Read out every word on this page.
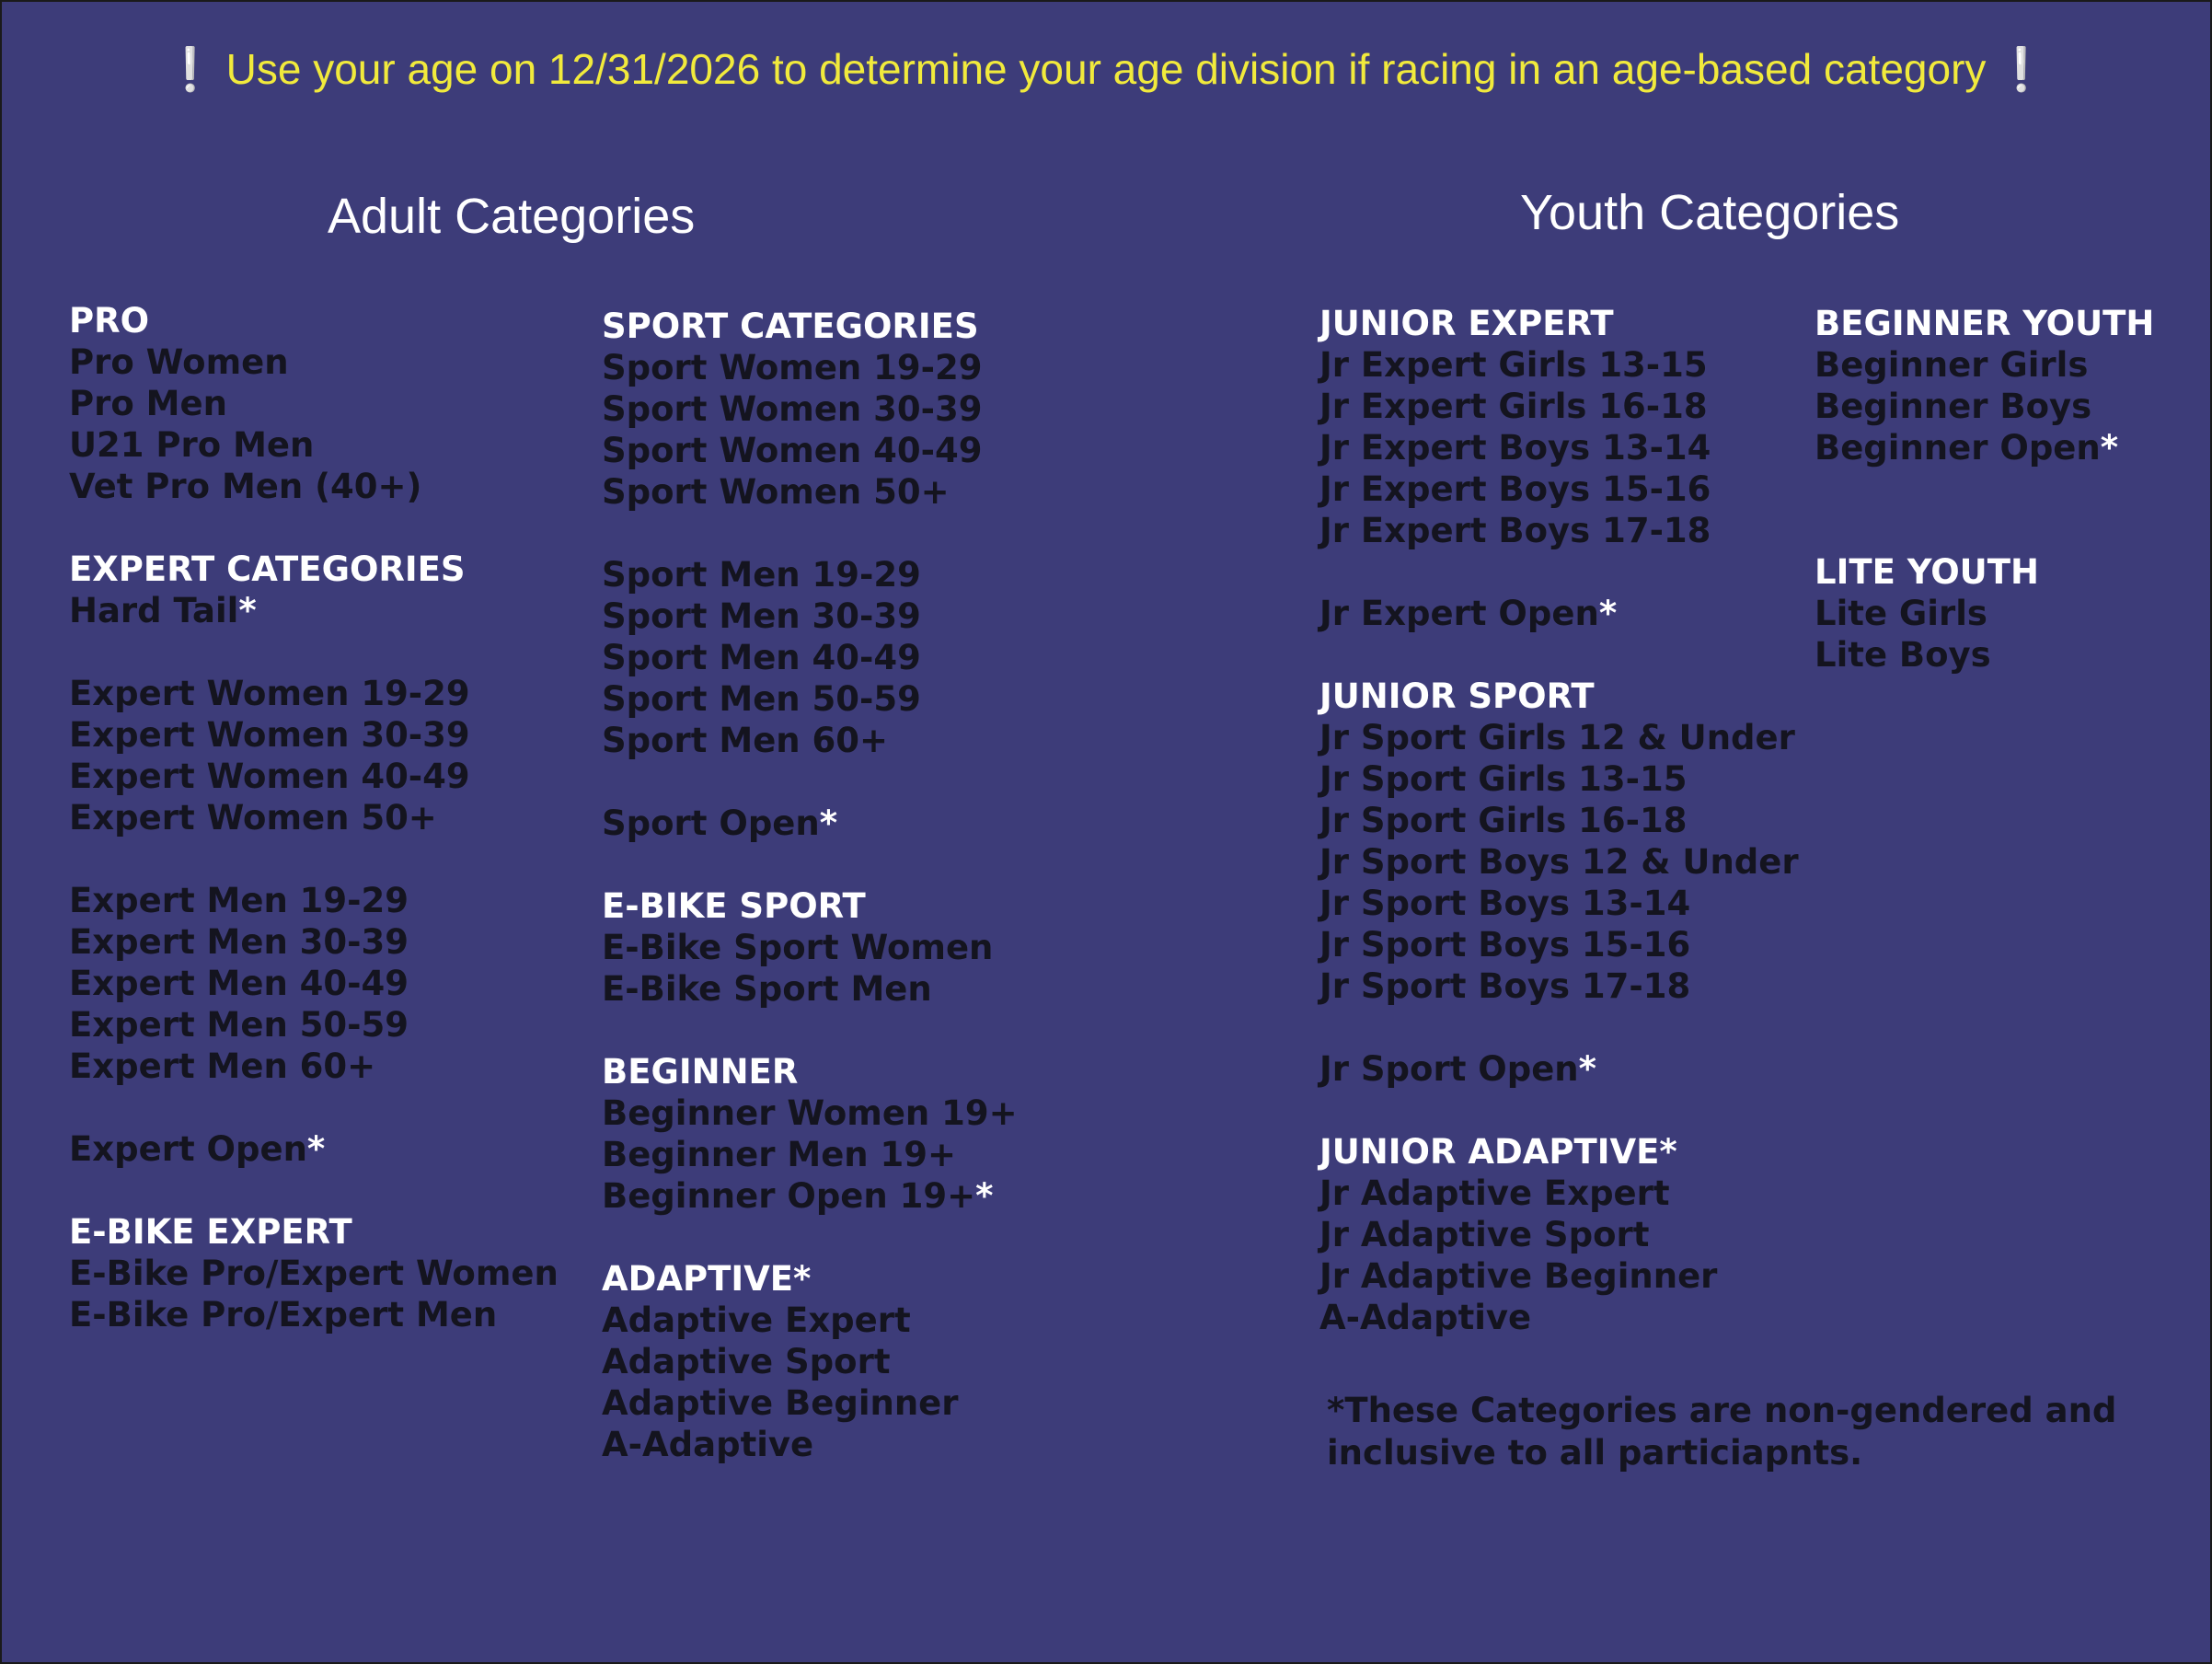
❕ Use your age on 12/31/2026 to determine your age division if racing in an age-based category ❕
Adult Categories	Youth Categories
PRO
Pro Women
Pro Men
U21 Pro Men
Vet Pro Men (40+)
EXPERT CATEGORIES
Hard Tail*
Expert Women 19-29
Expert Women 30-39
Expert Women 40-49
Expert Women 50+
Expert Men 19-29
Expert Men 30-39
Expert Men 40-49
Expert Men 50-59
Expert Men 60+
Expert Open*
E-BIKE EXPERT
E-Bike Pro/Expert Women
E-Bike Pro/Expert Men
SPORT CATEGORIES
Sport Women 19-29
Sport Women 30-39
Sport Women 40-49
Sport Women 50+
Sport Men 19-29
Sport Men 30-39
Sport Men 40-49
Sport Men 50-59
Sport Men 60+
Sport Open*
E-BIKE SPORT
E-Bike Sport Women
E-Bike Sport Men
BEGINNER
Beginner Women 19+
Beginner Men 19+
Beginner Open 19+*
ADAPTIVE*
Adaptive Expert
Adaptive Sport
Adaptive Beginner
A-Adaptive
JUNIOR EXPERT
Jr Expert Girls 13-15
Jr Expert Girls 16-18
Jr Expert Boys 13-14
Jr Expert Boys 15-16
Jr Expert Boys 17-18
Jr Expert Open*
JUNIOR SPORT
Jr Sport Girls 12 & Under
Jr Sport Girls 13-15
Jr Sport Girls 16-18
Jr Sport Boys 12 & Under
Jr Sport Boys 13-14
Jr Sport Boys 15-16
Jr Sport Boys 17-18
Jr Sport Open*
JUNIOR ADAPTIVE*
Jr Adaptive Expert
Jr Adaptive Sport
Jr Adaptive Beginner
A-Adaptive
BEGINNER YOUTH
Beginner Girls
Beginner Boys
Beginner Open*
LITE YOUTH
Lite Girls
Lite Boys
*These Categories are non-gendered and
inclusive to all particiapnts.
